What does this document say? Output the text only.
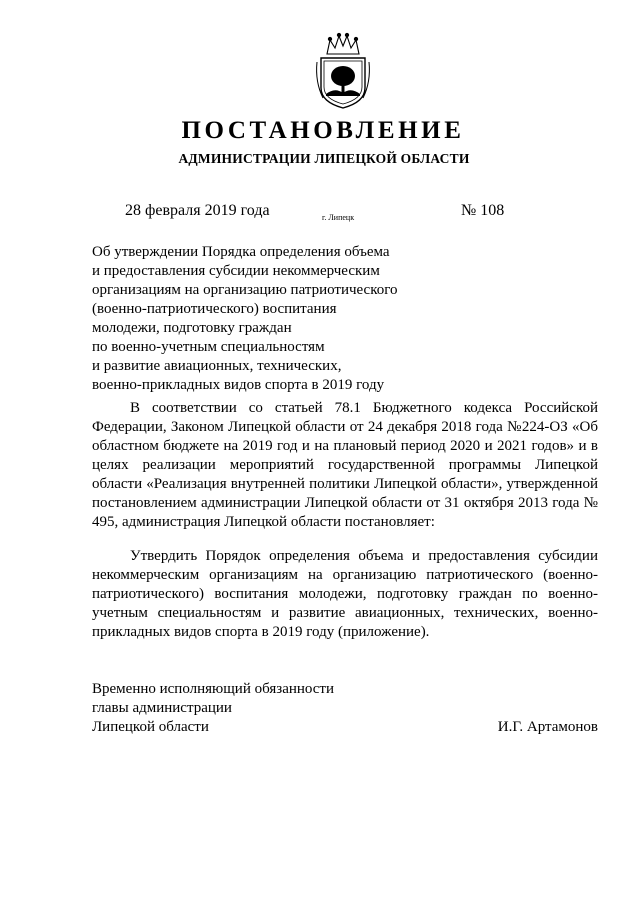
ПОСТАНОВЛЕНИЕ
АДМИНИСТРАЦИИ ЛИПЕЦКОЙ ОБЛАСТИ
28 февраля 2019 года	г. Липецк	№ 108
Об утверждении Порядка определения объема
и предоставления субсидии некоммерческим
организациям на организацию патриотического
(военно-патриотического) воспитания
молодежи, подготовку граждан
по военно-учетным специальностям
и развитие авиационных, технических,
военно-прикладных видов спорта в 2019 году

В соответствии со статьей 78.1 Бюджетного кодекса Российской Федерации, Законом Липецкой области от 24 декабря 2018 года №224-ОЗ «Об областном бюджете на 2019 год и на плановый период 2020 и 2021 годов» и в целях реализации мероприятий государственной программы Липецкой области «Реализация внутренней политики Липецкой области», утвержденной постановлением администрации Липецкой области от 31 октября 2013 года № 495, администрация Липецкой области постановляет:

Утвердить Порядок определения объема и предоставления субсидии некоммерческим организациям на организацию патриотического (военно-патриотического) воспитания молодежи, подготовку граждан по военно-учетным специальностям и развитие авиационных, технических, военно-прикладных видов спорта в 2019 году (приложение).

Временно исполняющий обязанности
главы администрации
Липецкой области	И.Г. Артамонов
